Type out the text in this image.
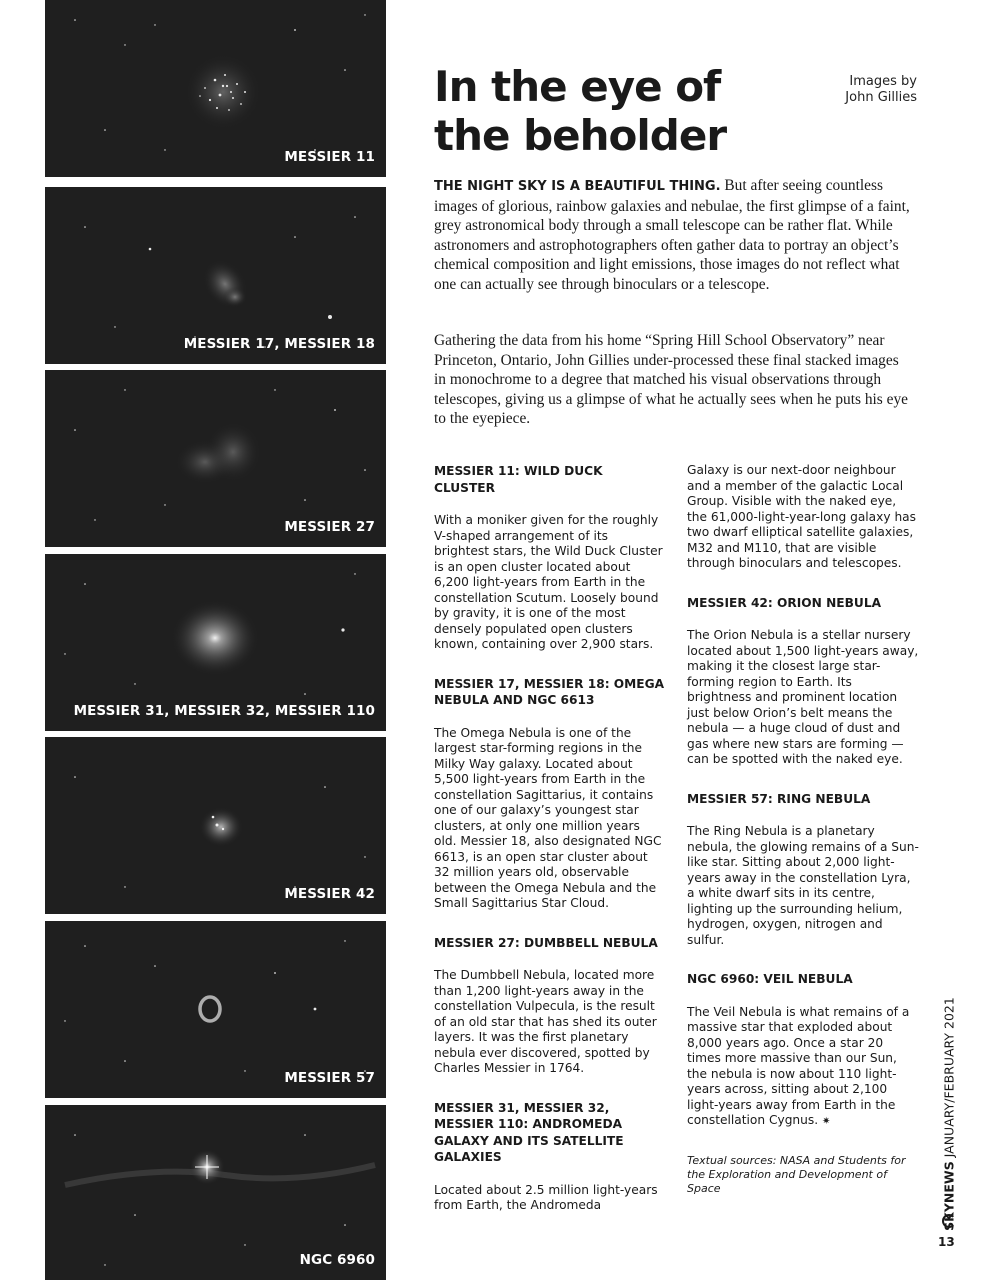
MESSIER 11
MESSIER 17, MESSIER 18
MESSIER 27
MESSIER 31, MESSIER 32, MESSIER 110
MESSIER 42
MESSIER 57
NGC 6960
In the eye of the beholder
Images by
John Gillies

THE NIGHT SKY IS A BEAUTIFUL THING. But after seeing countless images of glorious, rainbow galaxies and nebulae, the first glimpse of a faint, grey astronomical body through a small telescope can be rather flat. While astronomers and astrophotographers often gather data to portray an object’s chemical composition and light emissions, those images do not reflect what one can actually see through binoculars or a telescope.

Gathering the data from his home “Spring Hill School Observatory” near Princeton, Ontario, John Gillies under-processed these final stacked images in monochrome to a degree that matched his visual observations through telescopes, giving us a glimpse of what he actually sees when he puts his eye to the eyepiece.

MESSIER 11: WILD DUCK CLUSTER

With a moniker given for the roughly V-shaped arrangement of its brightest stars, the Wild Duck Cluster is an open cluster located about 6,200 light-years from Earth in the constellation Scutum. Loosely bound by gravity, it is one of the most densely populated open clusters known, containing over 2,900 stars.

MESSIER 17, MESSIER 18: OMEGA NEBULA AND NGC 6613

The Omega Nebula is one of the largest star-forming regions in the Milky Way galaxy. Located about 5,500 light-years from Earth in the constellation Sagittarius, it contains one of our galaxy’s youngest star clusters, at only one million years old. Messier 18, also designated NGC 6613, is an open star cluster about 32 million years old, observable between the Omega Nebula and the Small Sagittarius Star Cloud.

MESSIER 27: DUMBBELL NEBULA

The Dumbbell Nebula, located more than 1,200 light-years away in the constellation Vulpecula, is the result of an old star that has shed its outer layers. It was the first planetary nebula ever discovered, spotted by Charles Messier in 1764.

MESSIER 31, MESSIER 32, MESSIER 110: ANDROMEDA GALAXY AND ITS SATELLITE GALAXIES

Located about 2.5 million light-years from Earth, the Andromeda

Galaxy is our next-door neighbour and a member of the galactic Local Group. Visible with the naked eye, the 61,000-light-year-long galaxy has two dwarf elliptical satellite galaxies, M32 and M110, that are visible through binoculars and telescopes.

MESSIER 42: ORION NEBULA

The Orion Nebula is a stellar nursery located about 1,500 light-years away, making it the closest large star-forming region to Earth. Its brightness and prominent location just below Orion’s belt means the nebula — a huge cloud of dust and gas where new stars are forming — can be spotted with the naked eye.

MESSIER 57: RING NEBULA

The Ring Nebula is a planetary nebula, the glowing remains of a Sun-like star. Sitting about 2,000 light-years away in the constellation Lyra, a white dwarf sits in its centre, lighting up the surrounding helium, hydrogen, oxygen, nitrogen and sulfur.

NGC 6960: VEIL NEBULA

The Veil Nebula is what remains of a massive star that exploded about 8,000 years ago. Once a star 20 times more massive than our Sun, the nebula is now about 110 light-years across, sitting about 2,100 light-years away from Earth in the constellation Cygnus. ✷

Textual sources: NASA and Students for the Exploration and Development of Space	SKYNEWS JANUARY/FEBRUARY 2021
13
